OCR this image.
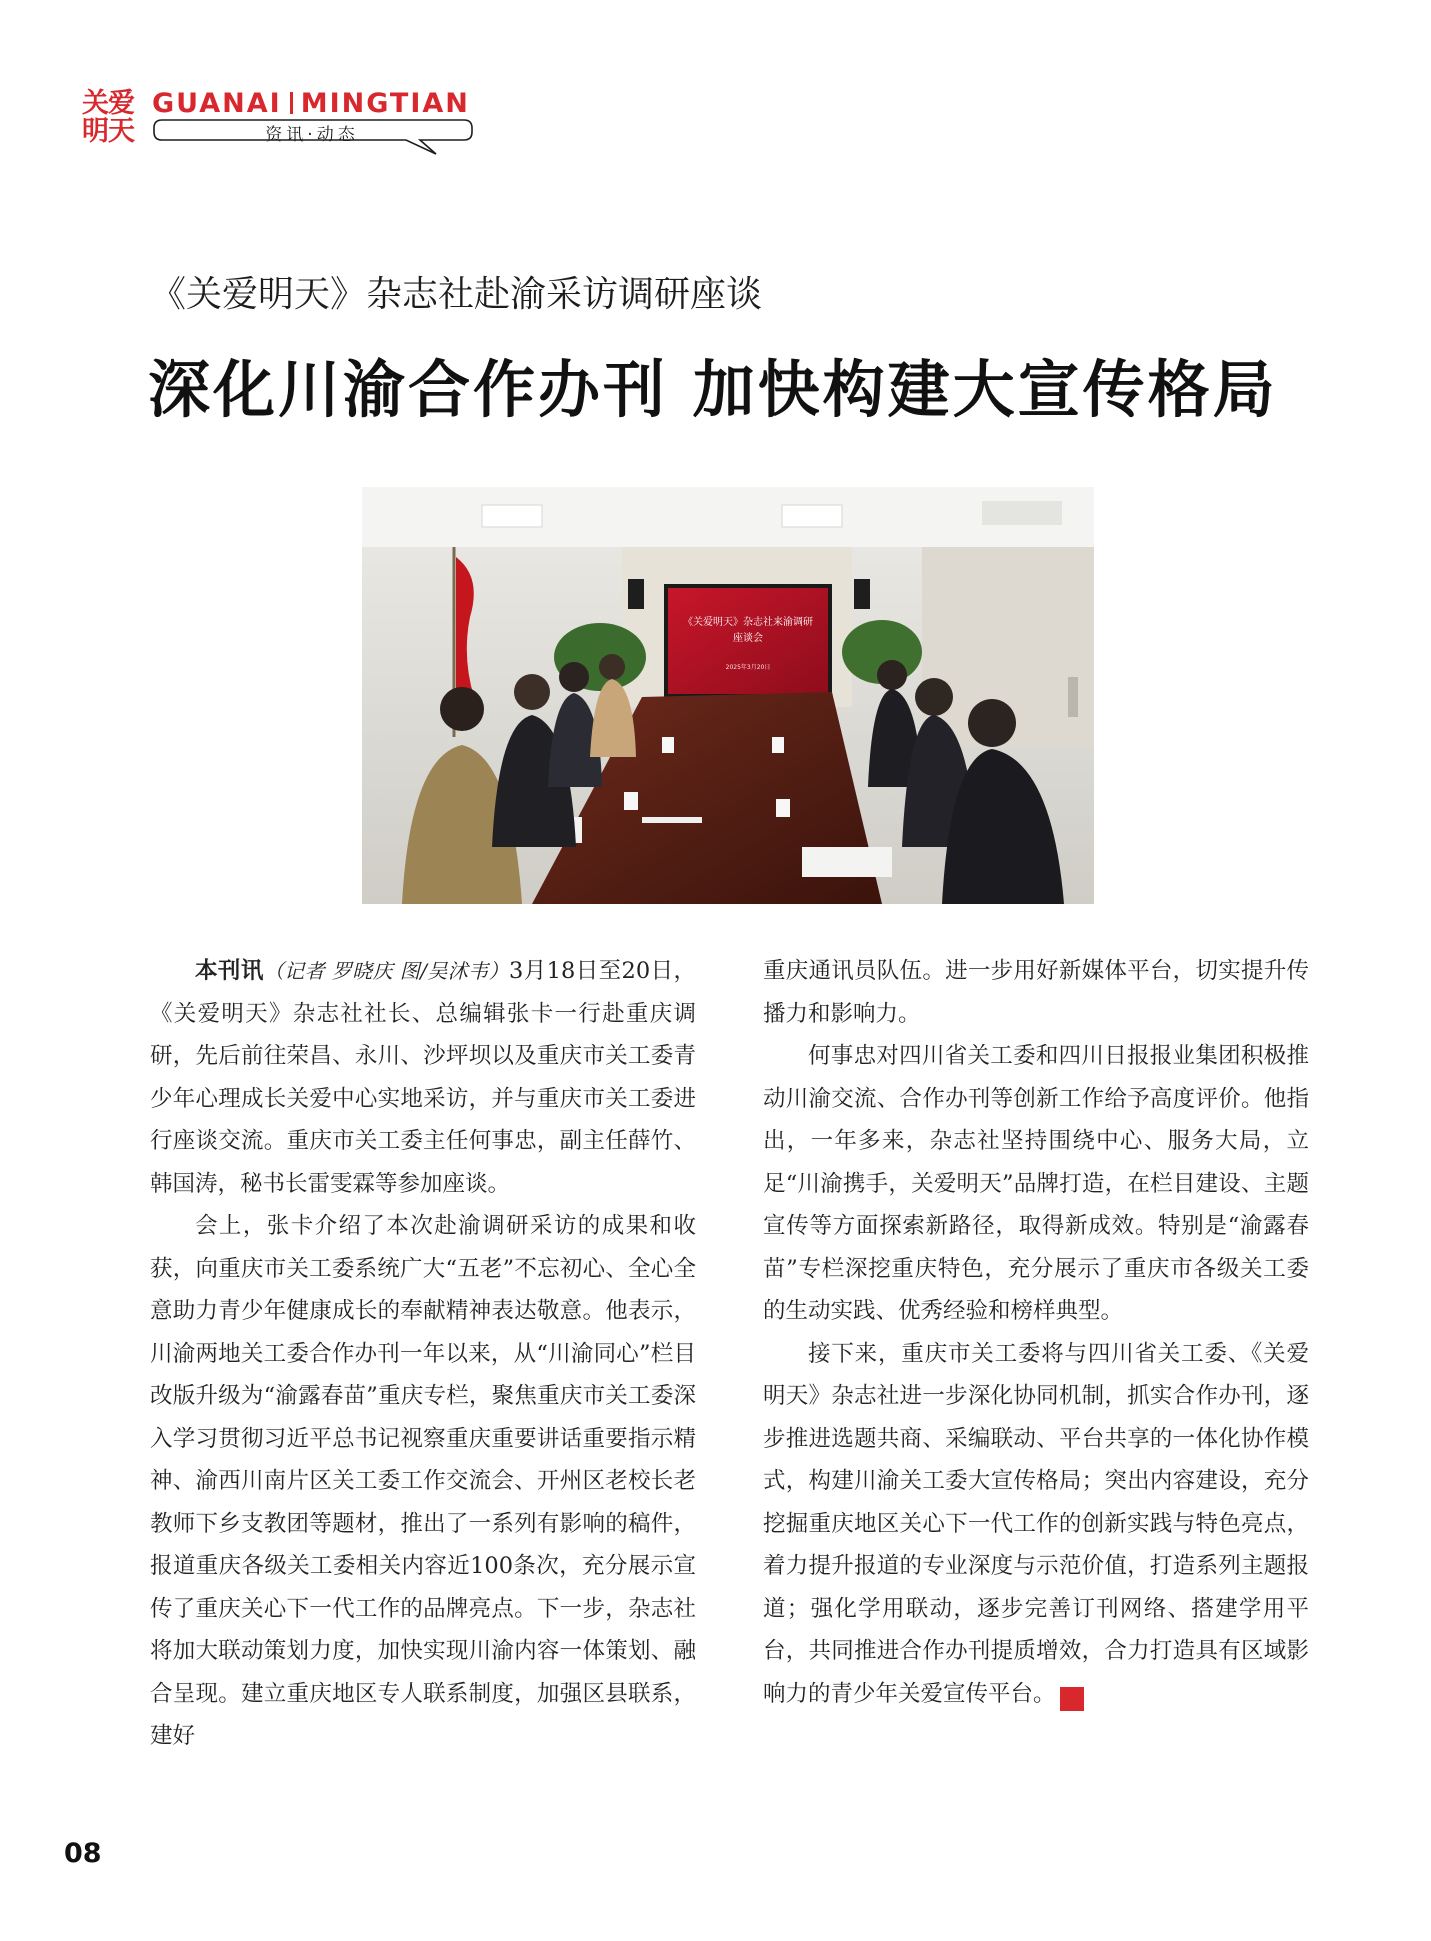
关爱
明天
GUANAI MINGTIAN
资讯·动态
《关爱明天》杂志社赴渝采访调研座谈
深化川渝合作办刊 加快构建大宣传格局
《关爱明天》杂志社来渝调研
座谈会
2025年3月20日

本刊讯（记者 罗晓庆 图/吴沭韦）3月18日至20日，《关爱明天》杂志社社长、总编辑张卡一行赴重庆调研，先后前往荣昌、永川、沙坪坝以及重庆市关工委青少年心理成长关爱中心实地采访，并与重庆市关工委进行座谈交流。重庆市关工委主任何事忠，副主任薛竹、韩国涛，秘书长雷雯霖等参加座谈。

会上，张卡介绍了本次赴渝调研采访的成果和收获，向重庆市关工委系统广大“五老”不忘初心、全心全意助力青少年健康成长的奉献精神表达敬意。他表示，川渝两地关工委合作办刊一年以来，从“川渝同心”栏目改版升级为“渝露春苗”重庆专栏，聚焦重庆市关工委深入学习贯彻习近平总书记视察重庆重要讲话重要指示精神、渝西川南片区关工委工作交流会、开州区老校长老教师下乡支教团等题材，推出了一系列有影响的稿件，报道重庆各级关工委相关内容近100条次，充分展示宣传了重庆关心下一代工作的品牌亮点。下一步，杂志社将加大联动策划力度，加快实现川渝内容一体策划、融合呈现。建立重庆地区专人联系制度，加强区县联系，建好

重庆通讯员队伍。进一步用好新媒体平台，切实提升传播力和影响力。

何事忠对四川省关工委和四川日报报业集团积极推动川渝交流、合作办刊等创新工作给予高度评价。他指出，一年多来，杂志社坚持围绕中心、服务大局，立足“川渝携手，关爱明天”品牌打造，在栏目建设、主题宣传等方面探索新路径，取得新成效。特别是“渝露春苗”专栏深挖重庆特色，充分展示了重庆市各级关工委的生动实践、优秀经验和榜样典型。

接下来，重庆市关工委将与四川省关工委、《关爱明天》杂志社进一步深化协同机制，抓实合作办刊，逐步推进选题共商、采编联动、平台共享的一体化协作模式，构建川渝关工委大宣传格局；突出内容建设，充分挖掘重庆地区关心下一代工作的创新实践与特色亮点，着力提升报道的专业深度与示范价值，打造系列主题报道；强化学用联动，逐步完善订刊网络、搭建学用平台，共同推进合作办刊提质增效，合力打造具有区域影响力的青少年关爱宣传平台。	关

08
